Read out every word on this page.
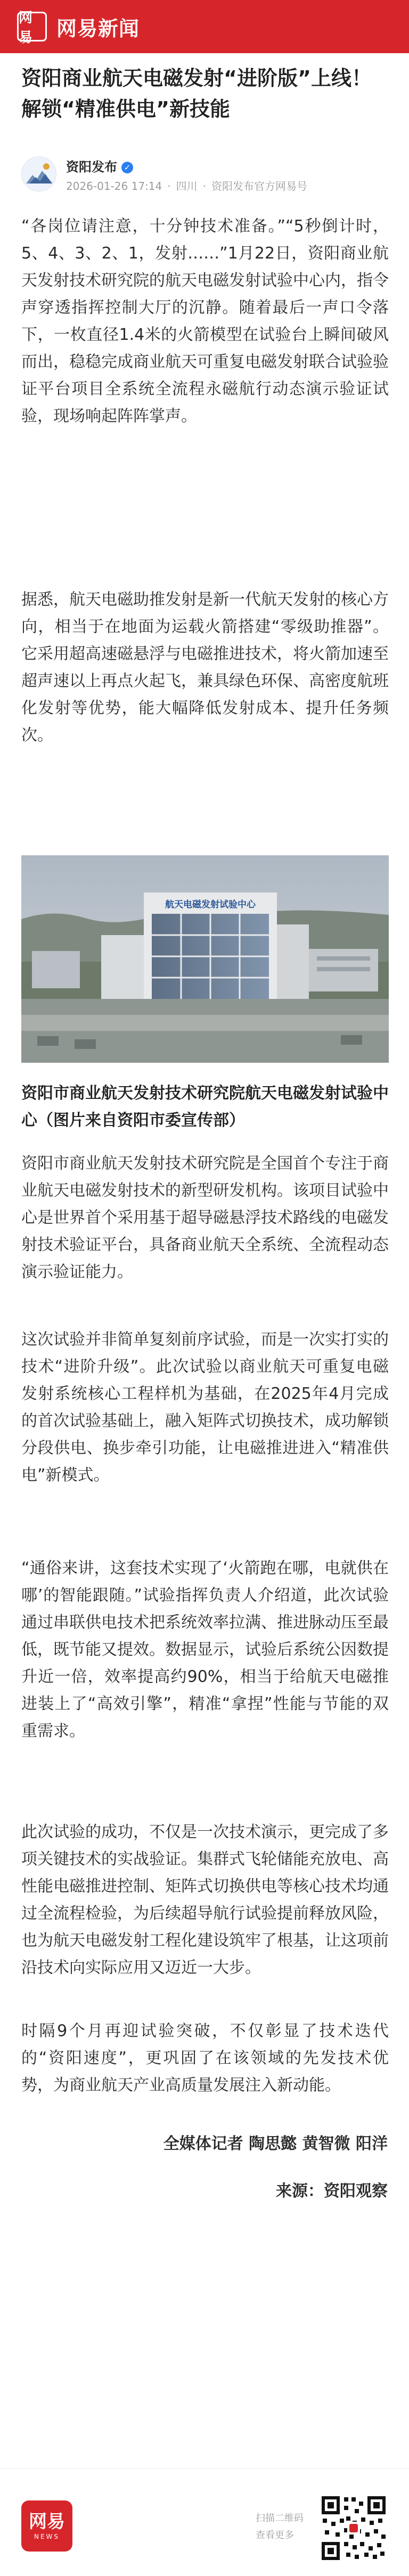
网易	网易新闻
资阳商业航天电磁发射“进阶版”上线！解锁“精准供电”新技能
资阳发布 ✓
2026-01-26 17:14 · 四川 · 资阳发布官方网易号

“各岗位请注意，十分钟技术准备。”“5秒倒计时，5、4、3、2、1，发射……”1月22日，资阳商业航天发射技术研究院的航天电磁发射试验中心内，指令声穿透指挥控制大厅的沉静。随着最后一声口令落下，一枚直径1.4米的火箭模型在试验台上瞬间破风而出，稳稳完成商业航天可重复电磁发射联合试验验证平台项目全系统全流程永磁航行动态演示验证试验，现场响起阵阵掌声。

据悉，航天电磁助推发射是新一代航天发射的核心方向，相当于在地面为运载火箭搭建“零级助推器”。它采用超高速磁悬浮与电磁推进技术，将火箭加速至超声速以上再点火起飞，兼具绿色环保、高密度航班化发射等优势，能大幅降低发射成本、提升任务频次。

航天电磁发射试验中心

资阳市商业航天发射技术研究院航天电磁发射试验中心（图片来自资阳市委宣传部）

资阳市商业航天发射技术研究院是全国首个专注于商业航天电磁发射技术的新型研发机构。该项目试验中心是世界首个采用基于超导磁悬浮技术路线的电磁发射技术验证平台，具备商业航天全系统、全流程动态演示验证能力。

这次试验并非简单复刻前序试验，而是一次实打实的技术“进阶升级”。此次试验以商业航天可重复电磁发射系统核心工程样机为基础，在2025年4月完成的首次试验基础上，融入矩阵式切换技术，成功解锁分段供电、换步牵引功能，让电磁推进进入“精准供电”新模式。

“通俗来讲，这套技术实现了‘火箭跑在哪，电就供在哪’的智能跟随。”试验指挥负责人介绍道，此次试验通过串联供电技术把系统效率拉满、推进脉动压至最低，既节能又提效。数据显示，试验后系统公因数提升近一倍，效率提高约90%，相当于给航天电磁推进装上了“高效引擎”，精准“拿捏”性能与节能的双重需求。

此次试验的成功，不仅是一次技术演示，更完成了多项关键技术的实战验证。集群式飞轮储能充放电、高性能电磁推进控制、矩阵式切换供电等核心技术均通过全流程检验，为后续超导航行试验提前释放风险，也为航天电磁发射工程化建设筑牢了根基，让这项前沿技术向实际应用又迈近一大步。

时隔9个月再迎试验突破，不仅彰显了技术迭代的“资阳速度”，更巩固了在该领域的先发技术优势，为商业航天产业高质量发展注入新动能。

全媒体记者 陶思懿 黄智微 阳洋
来源：资阳观察
网易
NEWS
扫描二维码
查看更多
